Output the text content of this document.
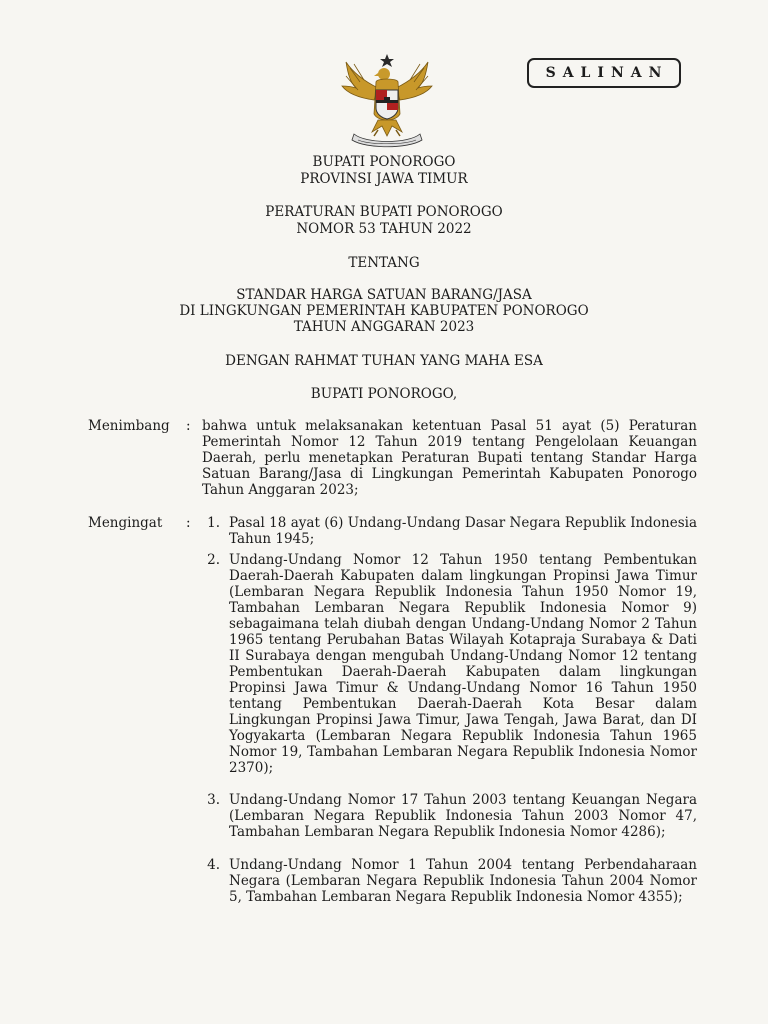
SALINAN
BUPATI PONOROGO
PROVINSI JAWA TIMUR
PERATURAN BUPATI PONOROGO
NOMOR 53 TAHUN 2022
TENTANG
STANDAR HARGA SATUAN BARANG/JASA
DI LINGKUNGAN PEMERINTAH KABUPATEN PONOROGO
TAHUN ANGGARAN 2023
DENGAN RAHMAT TUHAN YANG MAHA ESA
BUPATI PONOROGO,
Menimbang : bahwa untuk melaksanakan ketentuan Pasal 51 ayat (5) Peraturan Pemerintah Nomor 12 Tahun 2019 tentang Pengelolaan Keuangan Daerah, perlu menetapkan Peraturan Bupati tentang Standar Harga Satuan Barang/Jasa di Lingkungan Pemerintah Kabupaten Ponorogo Tahun Anggaran 2023;

Mengingat :	1. Pasal 18 ayat (6) Undang-Undang Dasar Negara Republik Indonesia Tahun 1945;

2. Undang-Undang Nomor 12 Tahun 1950 tentang Pembentukan Daerah-Daerah Kabupaten dalam lingkungan Propinsi Jawa Timur (Lembaran Negara Republik Indonesia Tahun 1950 Nomor 19, Tambahan Lembaran Negara Republik Indonesia Nomor 9) sebagaimana telah diubah dengan Undang-Undang Nomor 2 Tahun 1965 tentang Perubahan Batas Wilayah Kotapraja Surabaya & Dati II Surabaya dengan mengubah Undang-Undang Nomor 12 tentang Pembentukan Daerah-Daerah Kabupaten dalam lingkungan Propinsi Jawa Timur & Undang-Undang Nomor 16 Tahun 1950 tentang Pembentukan Daerah-Daerah Kota Besar dalam Lingkungan Propinsi Jawa Timur, Jawa Tengah, Jawa Barat, dan DI Yogyakarta (Lembaran Negara Republik Indonesia Tahun 1965 Nomor 19, Tambahan Lembaran Negara Republik Indonesia Nomor 2370);

3. Undang-Undang Nomor 17 Tahun 2003 tentang Keuangan Negara (Lembaran Negara Republik Indonesia Tahun 2003 Nomor 47, Tambahan Lembaran Negara Republik Indonesia Nomor 4286);

4. Undang-Undang Nomor 1 Tahun 2004 tentang Perbendaharaan Negara (Lembaran Negara Republik Indonesia Tahun 2004 Nomor 5, Tambahan Lembaran Negara Republik Indonesia Nomor 4355);
